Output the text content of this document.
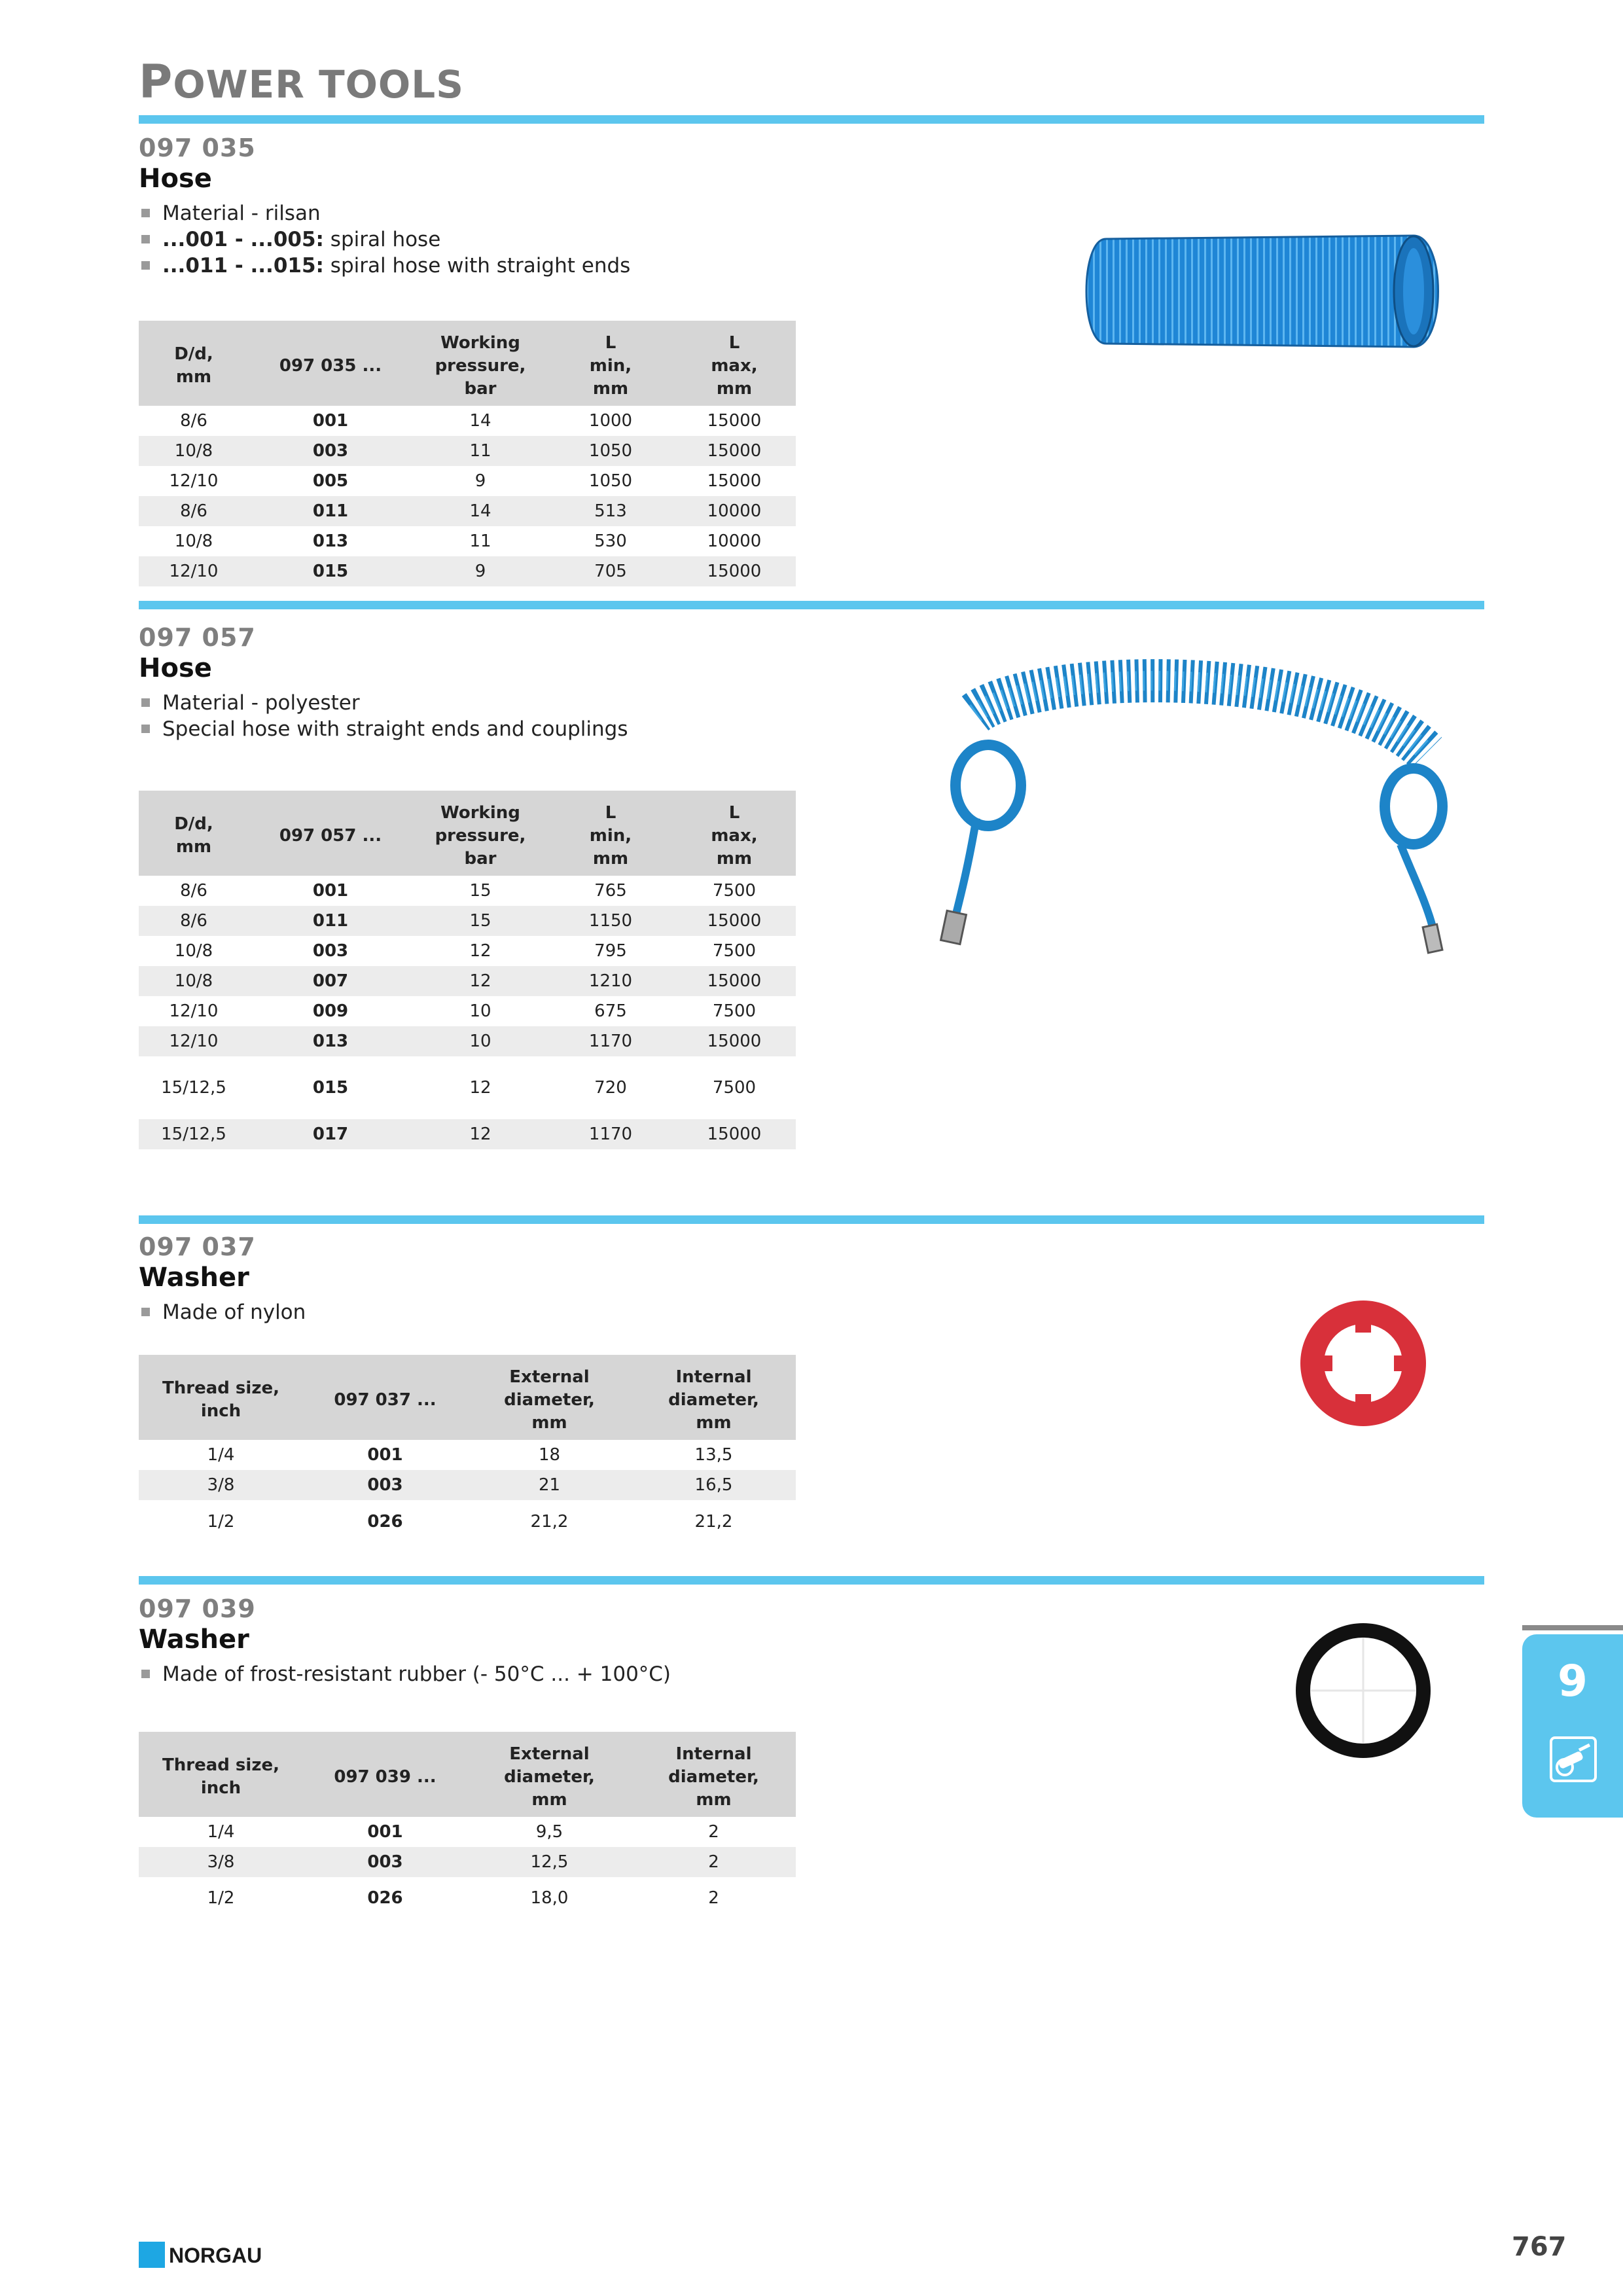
POWER TOOLS
097 035
Hose
Material - rilsan
...001 - ...005: spiral hose
...011 - ...015: spiral hose with straight ends
D/d,
mm	097 035 ...	Working
pressure,
bar	L
min,
mm	L
max,
mm

8/6	001	14	1000	15000
10/8	003	11	1050	15000
12/10	005	9	1050	15000
8/6	011	14	513	10000
10/8	013	11	530	10000
12/10	015	9	705	15000
097 057
Hose
Material - polyester
Special hose with straight ends and couplings
D/d,
mm	097 057 ...	Working
pressure,
bar	L
min,
mm	L
max,
mm

8/6	001	15	765	7500
8/6	011	15	1150	15000
10/8	003	12	795	7500
10/8	007	12	1210	15000
12/10	009	10	675	7500
12/10	013	10	1170	15000
15/12,5	015	12	720	7500
15/12,5	017	12	1170	15000
097 037
Washer
Made of nylon
Thread size,
inch	097 037 ...	External
diameter,
mm	Internal
diameter,
mm

1/4	001	18	13,5
3/8	003	21	16,5
1/2	026	21,2	21,2
097 039
Washer
Made of frost-resistant rubber (- 50°C ... + 100°C)
Thread size,
inch	097 039 ...	External
diameter,
mm	Internal
diameter,
mm

1/4	001	9,5	2
3/8	003	12,5	2
1/2	026	18,0	2
9
NORGAU	767
